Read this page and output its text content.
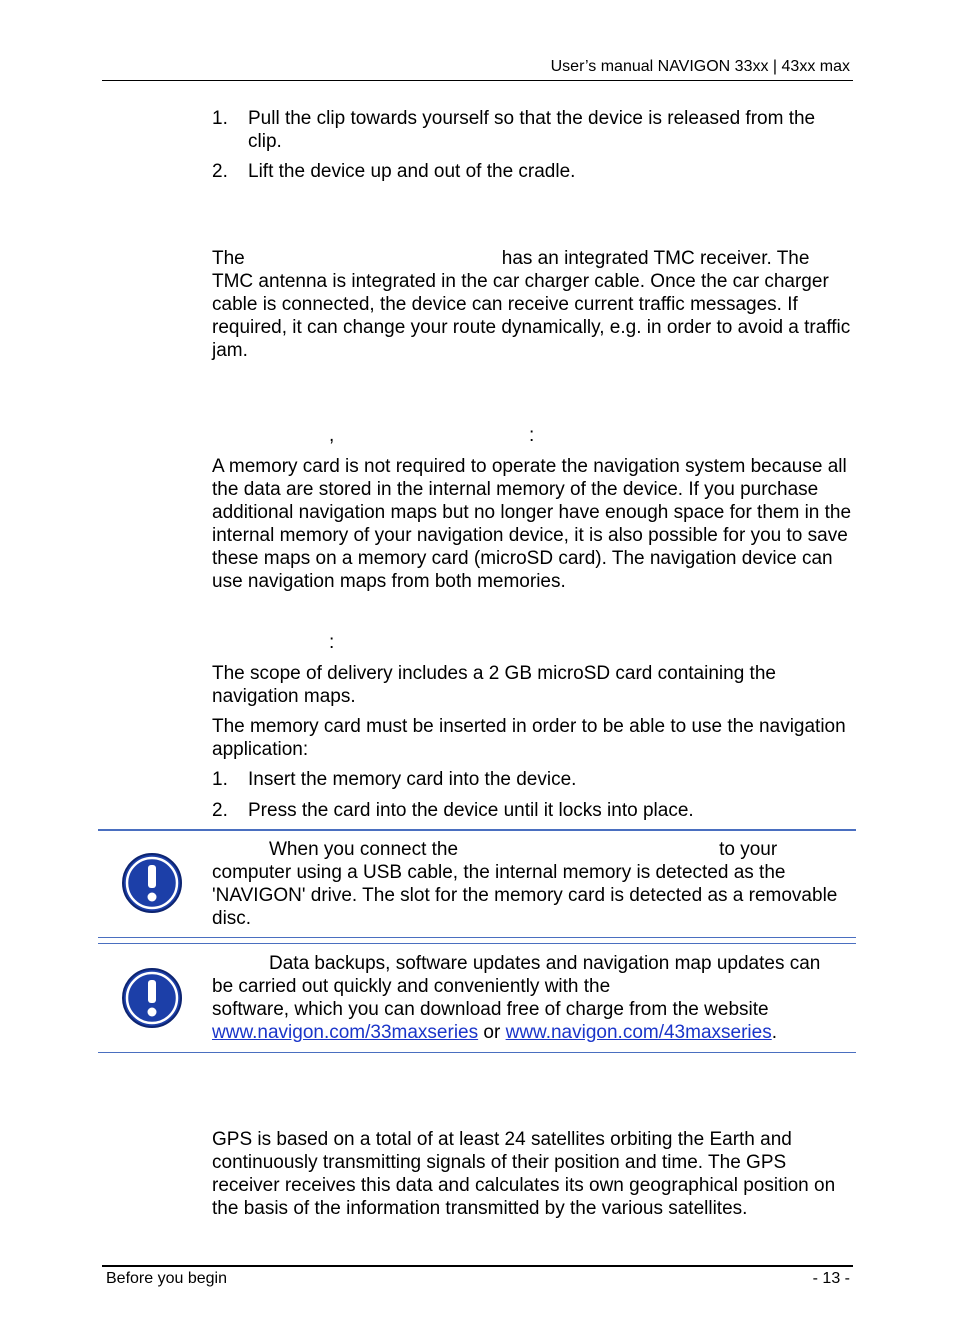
User’s manual NAVIGON 33xx | 43xx max
1.	Pull the clip towards yourself so that the device is released from the clip.
2.	Lift the device up and out of the cradle.
The	has an integrated TMC receiver. The TMC antenna is integrated in the car charger cable. Once the car charger cable is connected, the device can receive current traffic messages. If required, it can change your route dynamically, e.g. in order to avoid a traffic jam.
,	:
A memory card is not required to operate the navigation system because all the data are stored in the internal memory of the device. If you purchase additional navigation maps but no longer have enough space for them in the internal memory of your navigation device, it is also possible for you to save these maps on a memory card (microSD card). The navigation device can use navigation maps from both memories.
:
The scope of delivery includes a 2 GB microSD card containing the navigation maps.
The memory card must be inserted in order to be able to use the navigation application:
1.	Insert the memory card into the device.
2.	Press the card into the device until it locks into place.
When you connect the	to your
computer using a USB cable, the internal memory is detected as the 'NAVIGON' drive. The slot for the memory card is detected as a removable disc.
Data backups, software updates and navigation map updates can
be carried out quickly and conveniently with the
software, which you can download free of charge from the website
www.navigon.com/33maxseries or www.navigon.com/43maxseries.
GPS is based on a total of at least 24 satellites orbiting the Earth and continuously transmitting signals of their position and time. The GPS receiver receives this data and calculates its own geographical position on the basis of the information transmitted by the various satellites.
Before you begin	- 13 -
